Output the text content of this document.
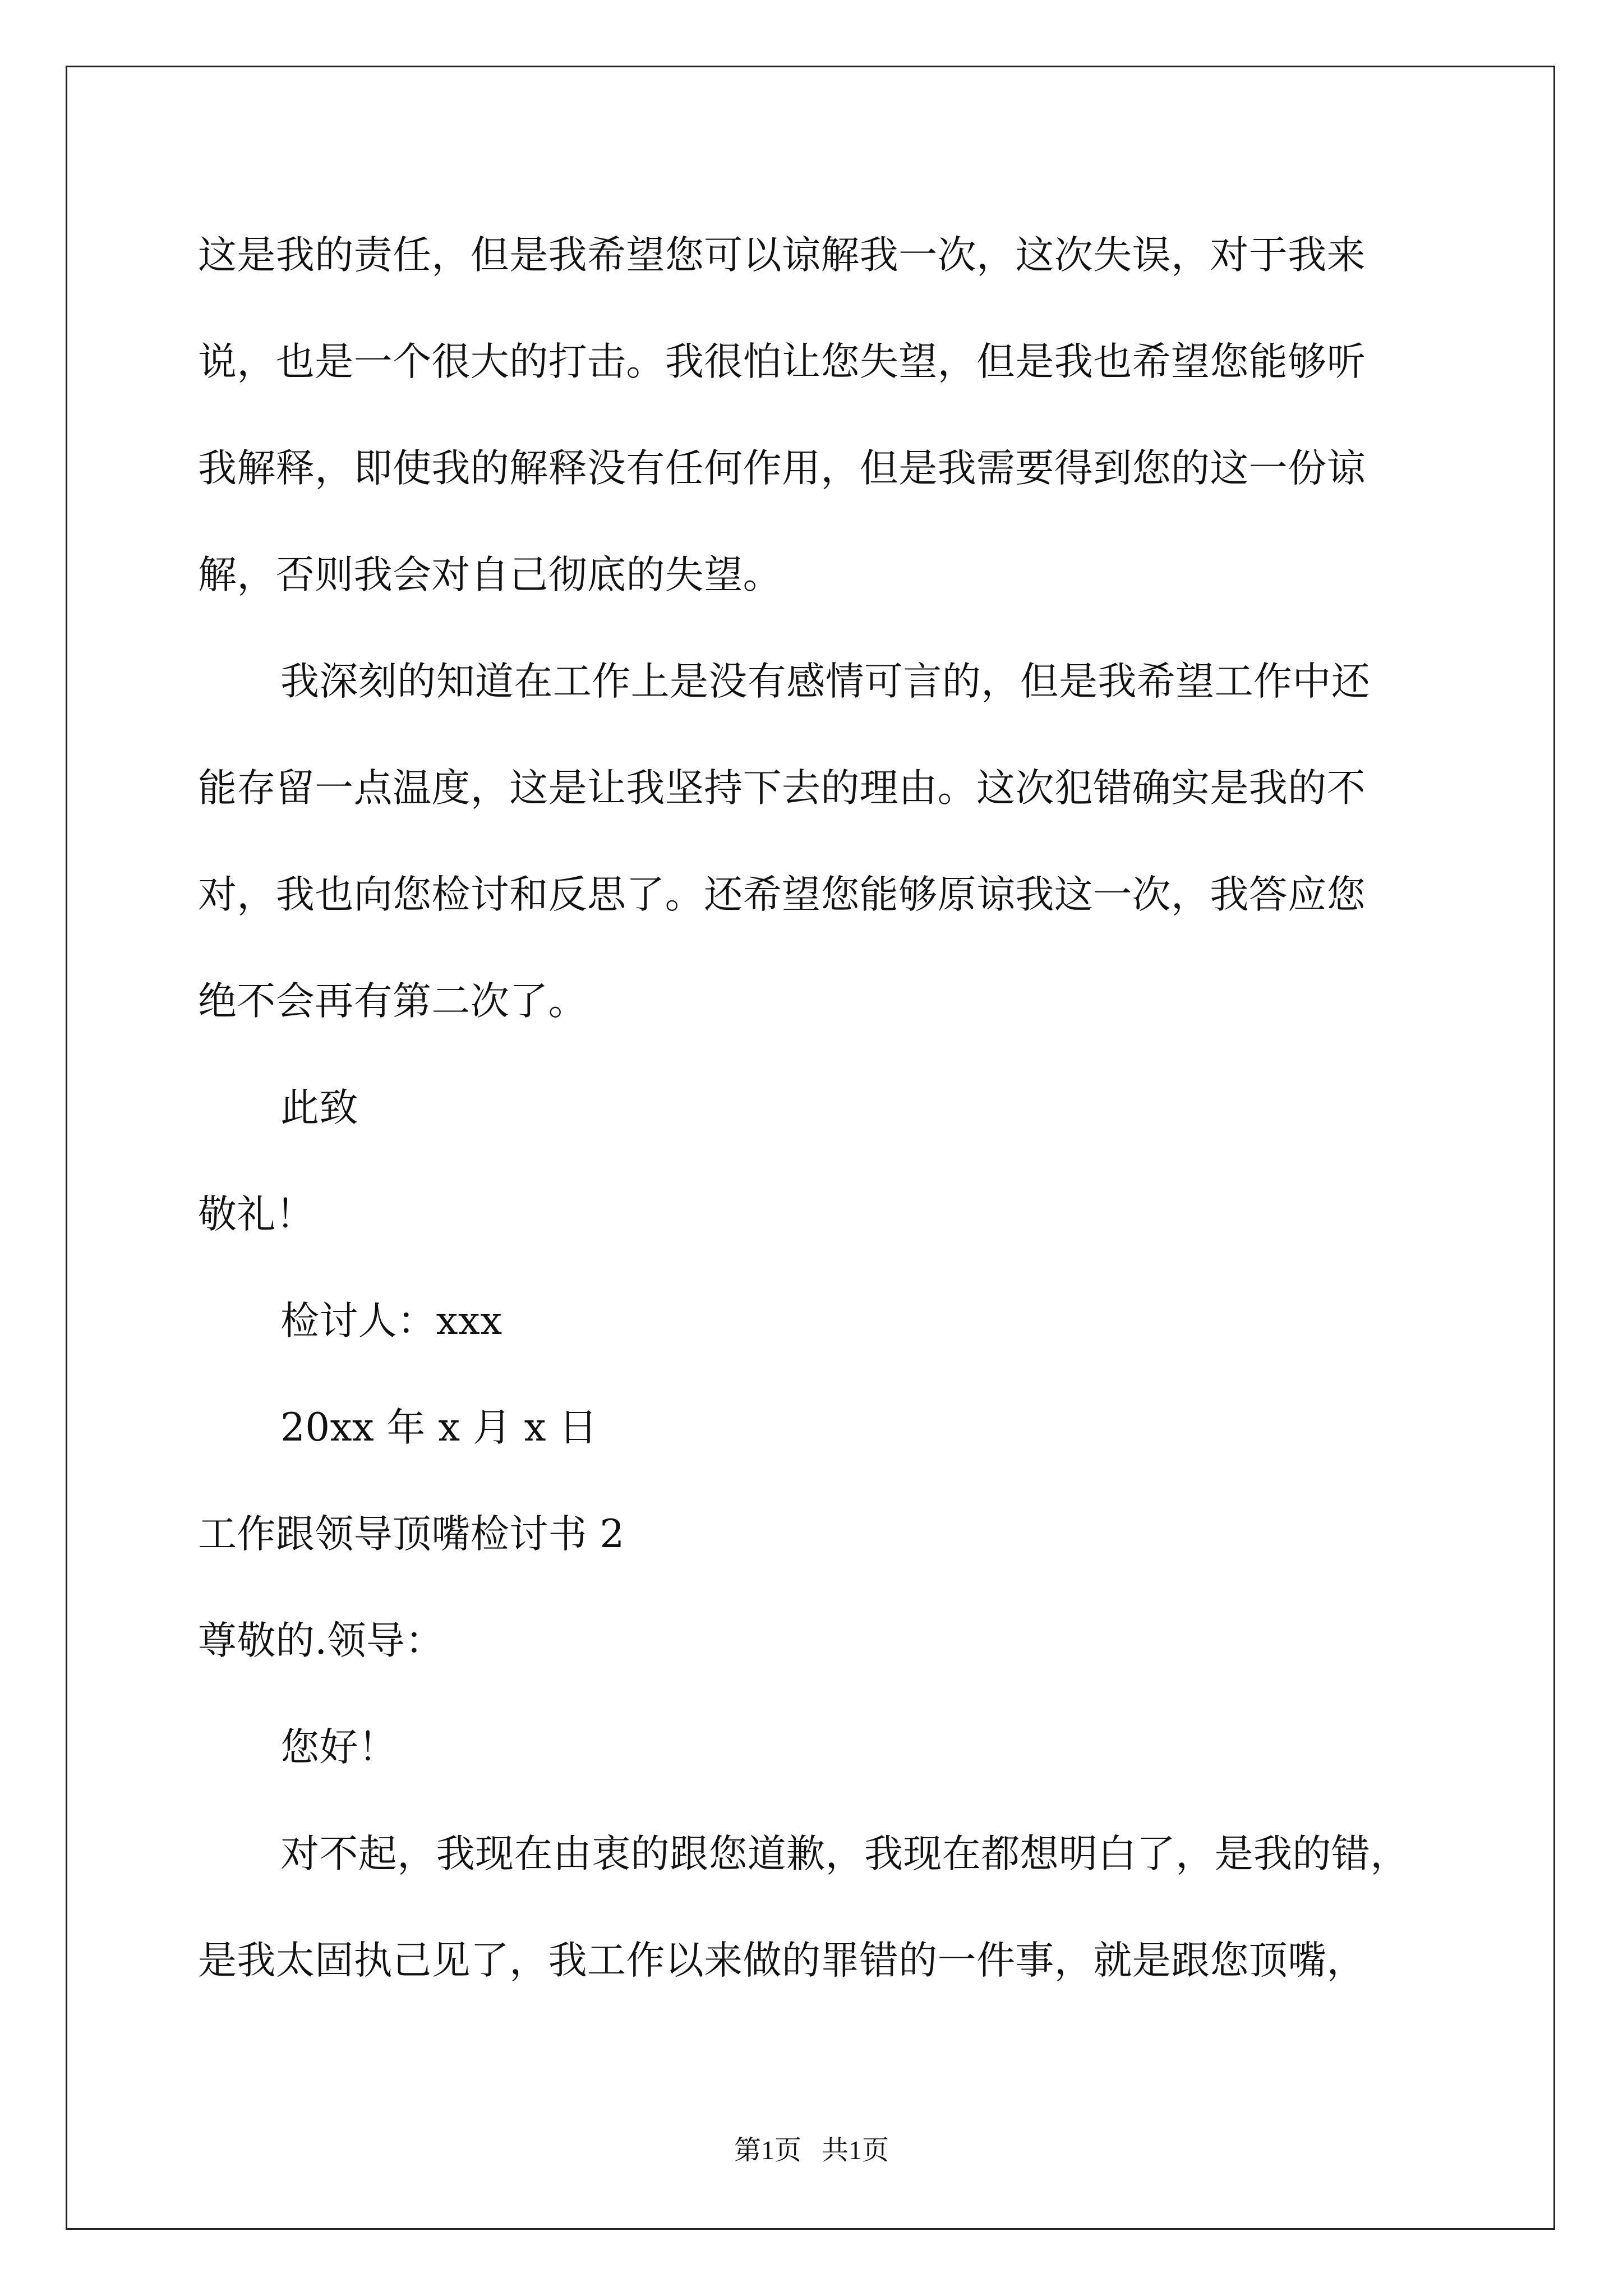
这是我的责任，但是我希望您可以谅解我一次，这次失误，对于我来
说，也是一个很大的打击。我很怕让您失望，但是我也希望您能够听
我解释，即使我的解释没有任何作用，但是我需要得到您的这一份谅
解，否则我会对自己彻底的失望。
我深刻的知道在工作上是没有感情可言的，但是我希望工作中还
能存留一点温度，这是让我坚持下去的理由。这次犯错确实是我的不
对，我也向您检讨和反思了。还希望您能够原谅我这一次，我答应您
绝不会再有第二次了。
此致
敬礼！
检讨人：xxx
20xx 年 x 月 x 日
工作跟领导顶嘴检讨书 2
尊敬的.领导：
您好！
对不起，我现在由衷的跟您道歉，我现在都想明白了，是我的错，
是我太固执己见了，我工作以来做的罪错的一件事，就是跟您顶嘴，
第1页   共1页
